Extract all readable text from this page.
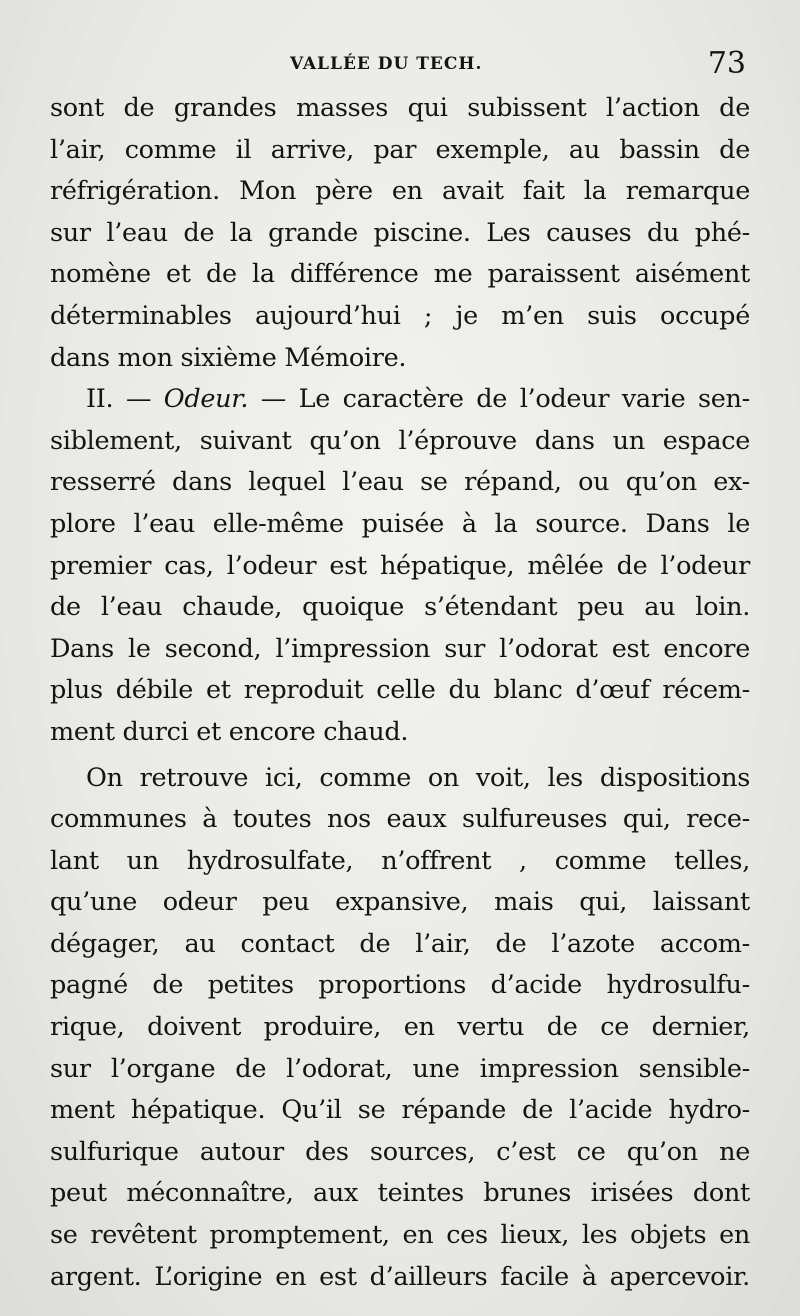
VALLÉE DU TECH.	73
sont de grandes masses qui subissent l’action de
l’air, comme il arrive, par exemple, au bassin de
réfrigération. Mon père en avait fait la remarque
sur l’eau de la grande piscine. Les causes du phé-
nomène et de la différence me paraissent aisément
déterminables aujourd’hui ; je m’en suis occupé
dans mon sixième Mémoire.
II. — Odeur. — Le caractère de l’odeur varie sen-
siblement, suivant qu’on l’éprouve dans un espace
resserré dans lequel l’eau se répand, ou qu’on ex-
plore l’eau elle-même puisée à la source. Dans le
premier cas, l’odeur est hépatique, mêlée de l’odeur
de l’eau chaude, quoique s’étendant peu au loin.
Dans le second, l’impression sur l’odorat est encore
plus débile et reproduit celle du blanc d’œuf récem-
ment durci et encore chaud.
On retrouve ici, comme on voit, les dispositions
communes à toutes nos eaux sulfureuses qui, rece-
lant un hydrosulfate, n’offrent , comme telles,
qu’une odeur peu expansive, mais qui, laissant
dégager, au contact de l’air, de l’azote accom-
pagné de petites proportions d’acide hydrosulfu-
rique, doivent produire, en vertu de ce dernier,
sur l’organe de l’odorat, une impression sensible-
ment hépatique. Qu’il se répande de l’acide hydro-
sulfurique autour des sources, c’est ce qu’on ne
peut méconnaître, aux teintes brunes irisées dont
se revêtent promptement, en ces lieux, les objets en
argent. L’origine en est d’ailleurs facile à apercevoir.
